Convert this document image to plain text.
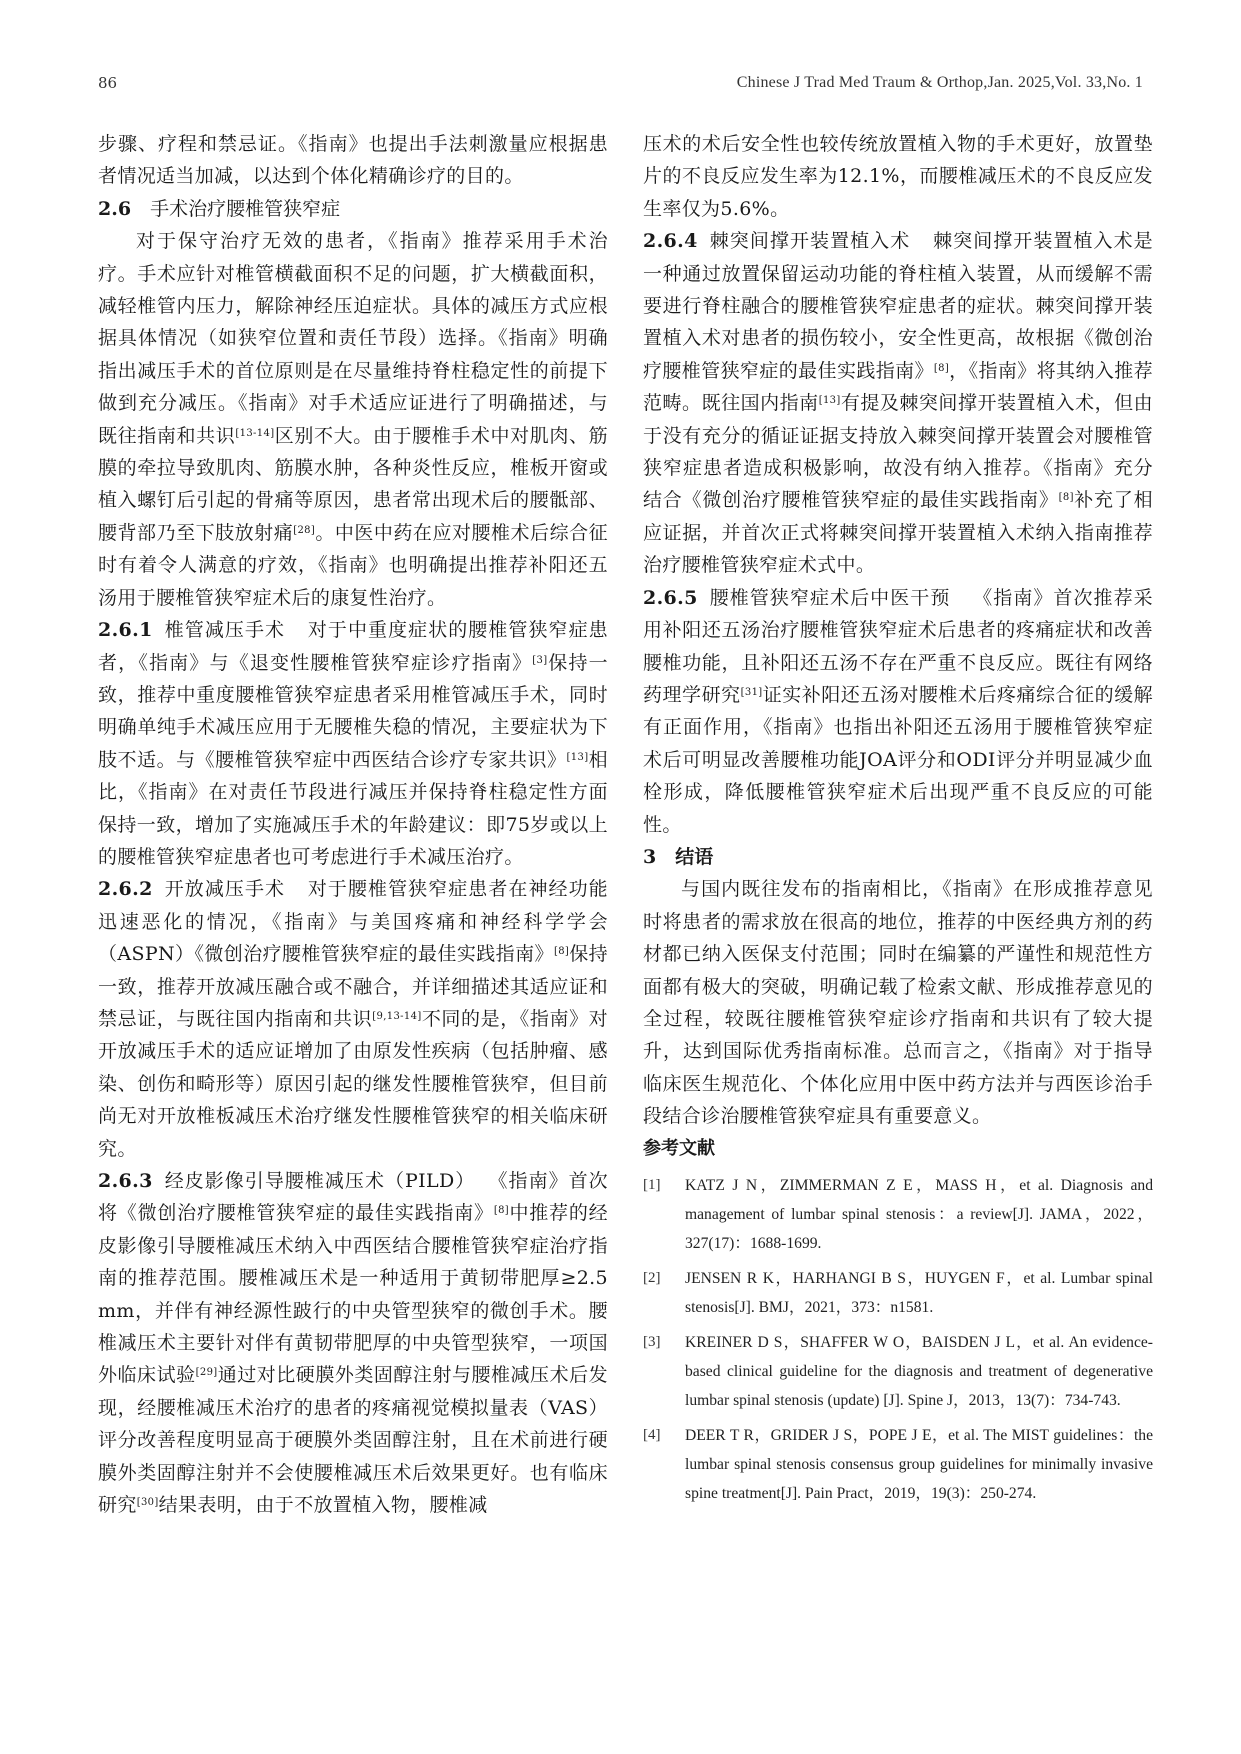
86	Chinese J Trad Med Traum & Orthop,Jan. 2025,Vol. 33,No. 1

步骤、疗程和禁忌证。《指南》也提出手法刺激量应根据患者情况适当加减，以达到个体化精确诊疗的目的。

2.6 手术治疗腰椎管狭窄症

对于保守治疗无效的患者，《指南》推荐采用手术治疗。手术应针对椎管横截面积不足的问题，扩大横截面积，减轻椎管内压力，解除神经压迫症状。具体的减压方式应根据具体情况（如狭窄位置和责任节段）选择。《指南》明确指出减压手术的首位原则是在尽量维持脊柱稳定性的前提下做到充分减压。《指南》对手术适应证进行了明确描述，与既往指南和共识[13-14]区别不大。由于腰椎手术中对肌肉、筋膜的牵拉导致肌肉、筋膜水肿，各种炎性反应，椎板开窗或植入螺钉后引起的骨痛等原因，患者常出现术后的腰骶部、腰背部乃至下肢放射痛[28]。中医中药在应对腰椎术后综合征时有着令人满意的疗效，《指南》也明确提出推荐补阳还五汤用于腰椎管狭窄症术后的康复性治疗。

2.6.1 椎管减压手术 对于中重度症状的腰椎管狭窄症患者，《指南》与《退变性腰椎管狭窄症诊疗指南》[3]保持一致，推荐中重度腰椎管狭窄症患者采用椎管减压手术，同时明确单纯手术减压应用于无腰椎失稳的情况，主要症状为下肢不适。与《腰椎管狭窄症中西医结合诊疗专家共识》[13]相比，《指南》在对责任节段进行减压并保持脊柱稳定性方面保持一致，增加了实施减压手术的年龄建议：即75岁或以上的腰椎管狭窄症患者也可考虑进行手术减压治疗。

2.6.2 开放减压手术 对于腰椎管狭窄症患者在神经功能迅速恶化的情况，《指南》与美国疼痛和神经科学学会（ASPN）《微创治疗腰椎管狭窄症的最佳实践指南》[8]保持一致，推荐开放减压融合或不融合，并详细描述其适应证和禁忌证，与既往国内指南和共识[9,13-14]不同的是，《指南》对开放减压手术的适应证增加了由原发性疾病（包括肿瘤、感染、创伤和畸形等）原因引起的继发性腰椎管狭窄，但目前尚无对开放椎板减压术治疗继发性腰椎管狭窄的相关临床研究。

2.6.3 经皮影像引导腰椎减压术（PILD） 《指南》首次将《微创治疗腰椎管狭窄症的最佳实践指南》[8]中推荐的经皮影像引导腰椎减压术纳入中西医结合腰椎管狭窄症治疗指南的推荐范围。腰椎减压术是一种适用于黄韧带肥厚≥2.5 mm，并伴有神经源性跛行的中央管型狭窄的微创手术。腰椎减压术主要针对伴有黄韧带肥厚的中央管型狭窄，一项国外临床试验[29]通过对比硬膜外类固醇注射与腰椎减压术后发现，经腰椎减压术治疗的患者的疼痛视觉模拟量表（VAS）评分改善程度明显高于硬膜外类固醇注射，且在术前进行硬膜外类固醇注射并不会使腰椎减压术后效果更好。也有临床研究[30]结果表明，由于不放置植入物，腰椎减

压术的术后安全性也较传统放置植入物的手术更好，放置垫片的不良反应发生率为12.1%，而腰椎减压术的不良反应发生率仅为5.6%。

2.6.4 棘突间撑开装置植入术 棘突间撑开装置植入术是一种通过放置保留运动功能的脊柱植入装置，从而缓解不需要进行脊柱融合的腰椎管狭窄症患者的症状。棘突间撑开装置植入术对患者的损伤较小，安全性更高，故根据《微创治疗腰椎管狭窄症的最佳实践指南》[8]，《指南》将其纳入推荐范畴。既往国内指南[13]有提及棘突间撑开装置植入术，但由于没有充分的循证证据支持放入棘突间撑开装置会对腰椎管狭窄症患者造成积极影响，故没有纳入推荐。《指南》充分结合《微创治疗腰椎管狭窄症的最佳实践指南》[8]补充了相应证据，并首次正式将棘突间撑开装置植入术纳入指南推荐治疗腰椎管狭窄症术式中。

2.6.5 腰椎管狭窄症术后中医干预 《指南》首次推荐采用补阳还五汤治疗腰椎管狭窄症术后患者的疼痛症状和改善腰椎功能，且补阳还五汤不存在严重不良反应。既往有网络药理学研究[31]证实补阳还五汤对腰椎术后疼痛综合征的缓解有正面作用，《指南》也指出补阳还五汤用于腰椎管狭窄症术后可明显改善腰椎功能JOA评分和ODI评分并明显减少血栓形成，降低腰椎管狭窄症术后出现严重不良反应的可能性。

3 结语

与国内既往发布的指南相比，《指南》在形成推荐意见时将患者的需求放在很高的地位，推荐的中医经典方剂的药材都已纳入医保支付范围；同时在编纂的严谨性和规范性方面都有极大的突破，明确记载了检索文献、形成推荐意见的全过程，较既往腰椎管狭窄症诊疗指南和共识有了较大提升，达到国际优秀指南标准。总而言之，《指南》对于指导临床医生规范化、个体化应用中医中药方法并与西医诊治手段结合诊治腰椎管狭窄症具有重要意义。

参考文献
[1]	KATZ J N，ZIMMERMAN Z E，MASS H，et al. Diagnosis and management of lumbar spinal stenosis：a review[J]. JAMA，2022，327(17)：1688-1699.
[2]	JENSEN R K，HARHANGI B S，HUYGEN F，et al. Lumbar spinal stenosis[J]. BMJ，2021，373：n1581.
[3]	KREINER D S，SHAFFER W O，BAISDEN J L，et al. An evidence-based clinical guideline for the diagnosis and treatment of degenerative lumbar spinal stenosis (update) [J]. Spine J，2013，13(7)：734-743.
[4]	DEER T R，GRIDER J S，POPE J E，et al. The MIST guidelines：the lumbar spinal stenosis consensus group guidelines for minimally invasive spine treatment[J]. Pain Pract，2019，19(3)：250-274.
